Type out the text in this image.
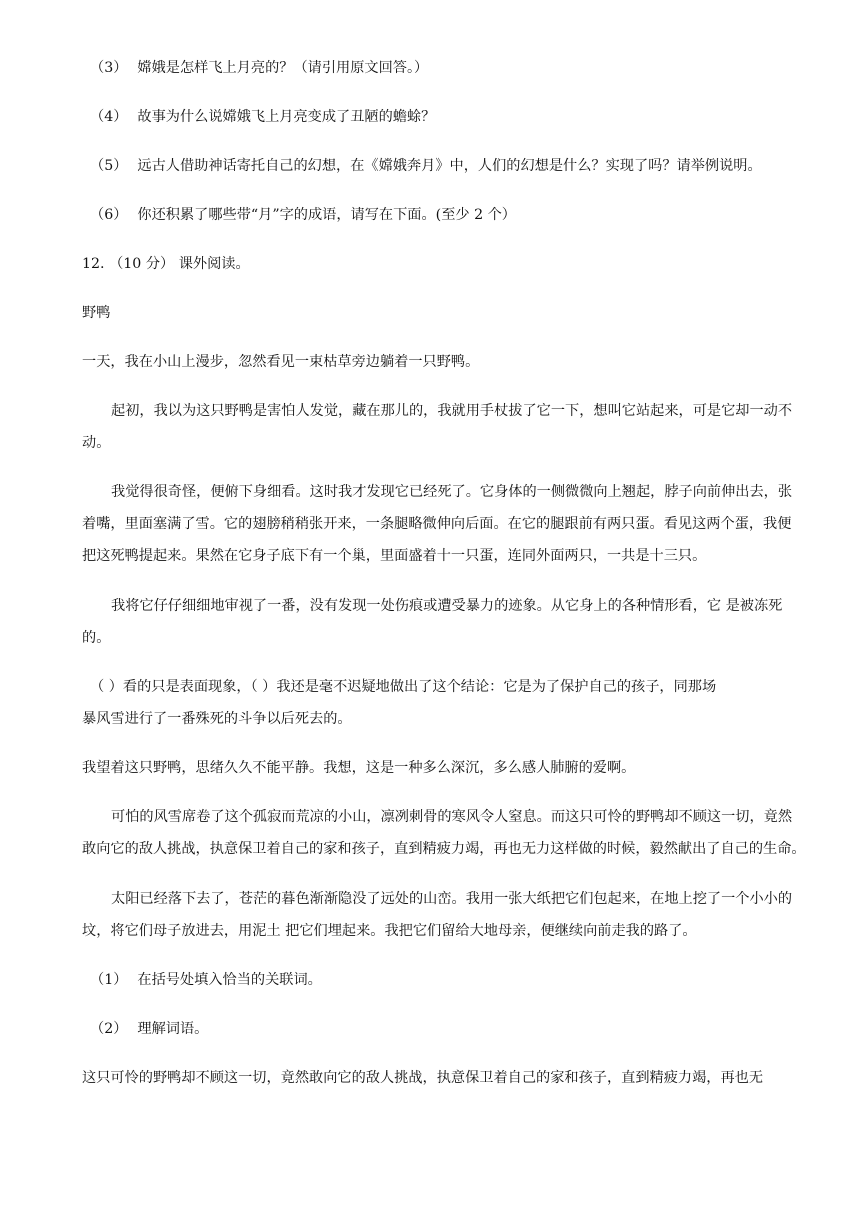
（3） 嫦娥是怎样飞上月亮的？（请引用原文回答。）
（4） 故事为什么说嫦娥飞上月亮变成了丑陋的蟾蜍？
（5） 远古人借助神话寄托自己的幻想，在《嫦娥奔月》中，人们的幻想是什么？实现了吗？请举例说明。
（6） 你还积累了哪些带“月”字的成语，请写在下面。(至少 2 个）
12. （10 分） 课外阅读。
野鸭
一天，我在小山上漫步，忽然看见一束枯草旁边躺着一只野鸭。
起初，我以为这只野鸭是害怕人发觉，藏在那儿的，我就用手杖拔了它一下，想叫它站起来，可是它却一动不
动。
我觉得很奇怪，便俯下身细看。这时我才发现它已经死了。它身体的一侧微微向上翘起，脖子向前伸出去，张
着嘴，里面塞满了雪。它的翅膀稍稍张开来，一条腿略微伸向后面。在它的腿跟前有两只蛋。看见这两个蛋，我便
把这死鸭提起来。果然在它身子底下有一个巢，里面盛着十一只蛋，连同外面两只，一共是十三只。
我将它仔仔细细地审视了一番，没有发现一处伤痕或遭受暴力的迹象。从它身上的各种情形看，它 是被冻死
的。
（ ）看的只是表面现象，（ ）我还是毫不迟疑地做出了这个结论：它是为了保护自己的孩子，同那场
暴风雪进行了一番殊死的斗争以后死去的。
我望着这只野鸭，思绪久久不能平静。我想，这是一种多么深沉，多么感人肺腑的爱啊。
可怕的风雪席卷了这个孤寂而荒凉的小山，凛冽刺骨的寒风令人窒息。而这只可怜的野鸭却不顾这一切，竟然
敢向它的敌人挑战，执意保卫着自己的家和孩子，直到精疲力竭，再也无力这样做的时候，毅然献出了自己的生命。
太阳已经落下去了，苍茫的暮色渐渐隐没了远处的山峦。我用一张大纸把它们包起来，在地上挖了一个小小的
坟，将它们母子放进去，用泥土 把它们埋起来。我把它们留给大地母亲，便继续向前走我的路了。
（1） 在括号处填入恰当的关联词。
（2） 理解词语。
这只可怜的野鸭却不顾这一切，竟然敢向它的敌人挑战，执意保卫着自己的家和孩子，直到精疲力竭，再也无
